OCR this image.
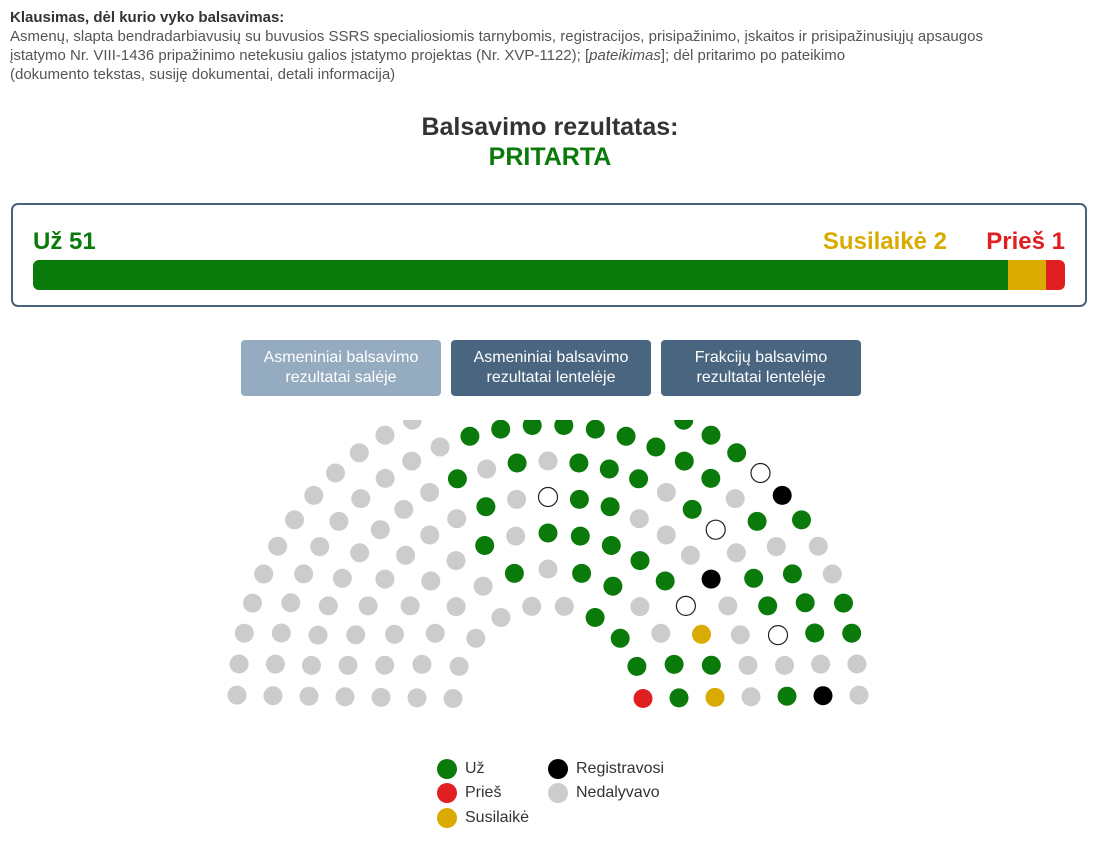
Klausimas, dėl kurio vyko balsavimas:
Asmenų, slapta bendradarbiavusių su buvusios SSRS specialiosiomis tarnybomis, registracijos, prisipažinimo, įskaitos ir prisipažinusiųjų apsaugos
įstatymo Nr. VIII-1436 pripažinimo netekusiu galios įstatymo projektas (Nr. XVP-1122); [pateikimas]; dėl pritarimo po pateikimo
(dokumento tekstas, susiję dokumentai, detali informacija)
Balsavimo rezultatas:
PRITARTA
Už 51	Susilaikė 2 Prieš 1
Asmeniniai balsavimo rezultatai salėje
Asmeniniai balsavimo rezultatai lentelėje
Frakcijų balsavimo rezultatai lentelėje
Už
Prieš
Susilaikė
Registravosi
Nedalyvavo
